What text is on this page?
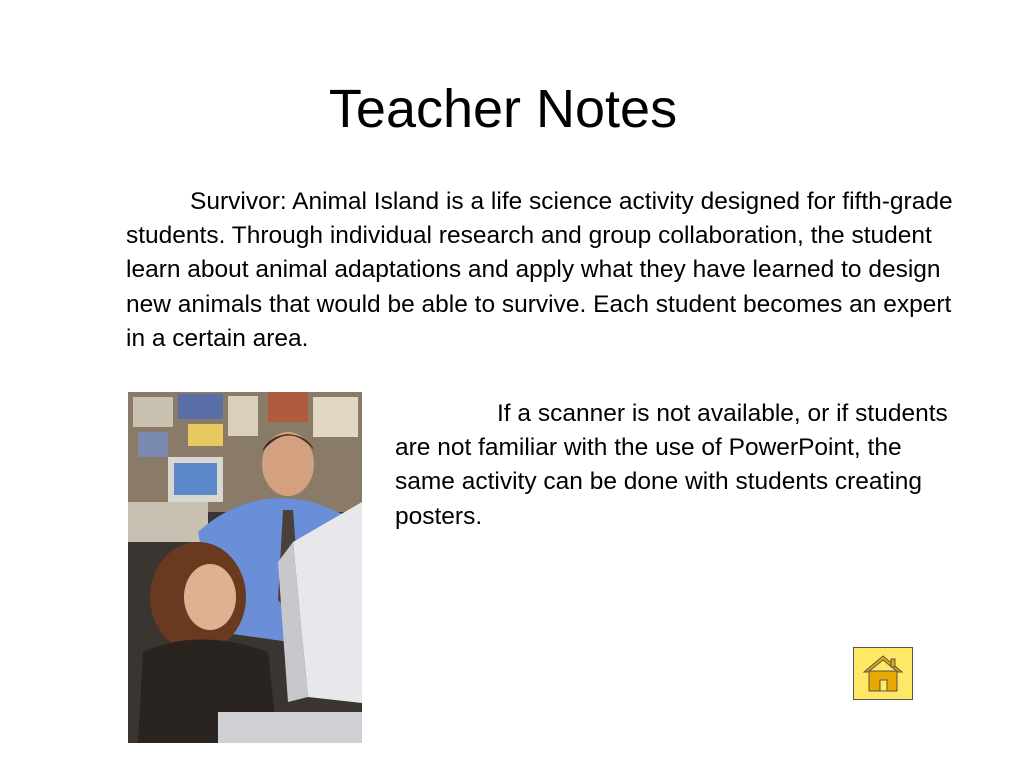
Teacher Notes

Survivor: Animal Island is a life science activity designed for fifth-grade students. Through individual research and group collaboration, the student learn about animal adaptations and apply what they have learned to design new animals that would be able to survive. Each student becomes an expert in a certain area.

If a scanner is not available, or if students are not familiar with the use of PowerPoint, the same activity can be done with students creating posters.
